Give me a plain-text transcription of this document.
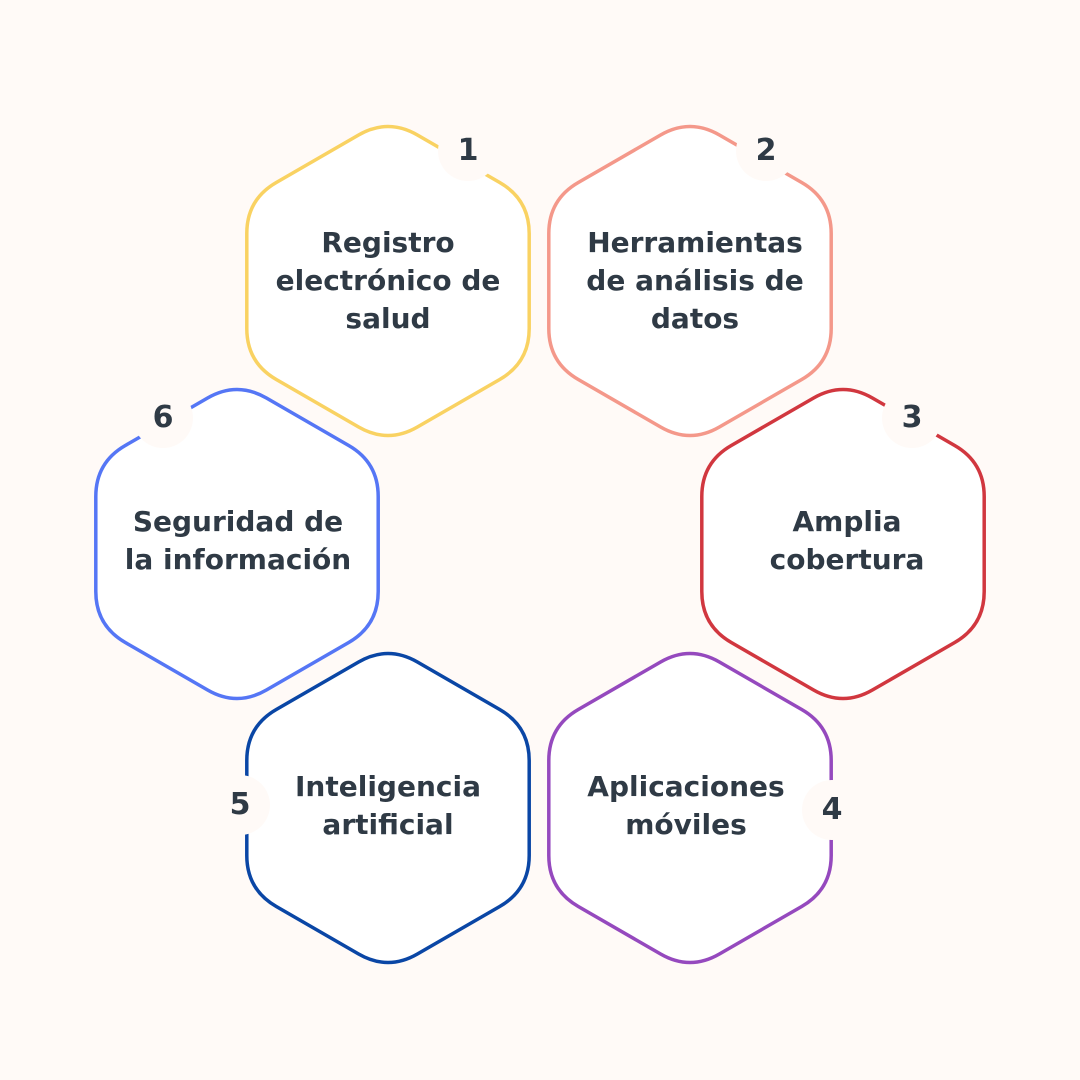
Registro
electrónico de
salud
Herramientas
de análisis de
datos
Amplia
cobertura
Aplicaciones
móviles
Inteligencia
artificial
Seguridad de
la información
1	2
3
4
5
6
